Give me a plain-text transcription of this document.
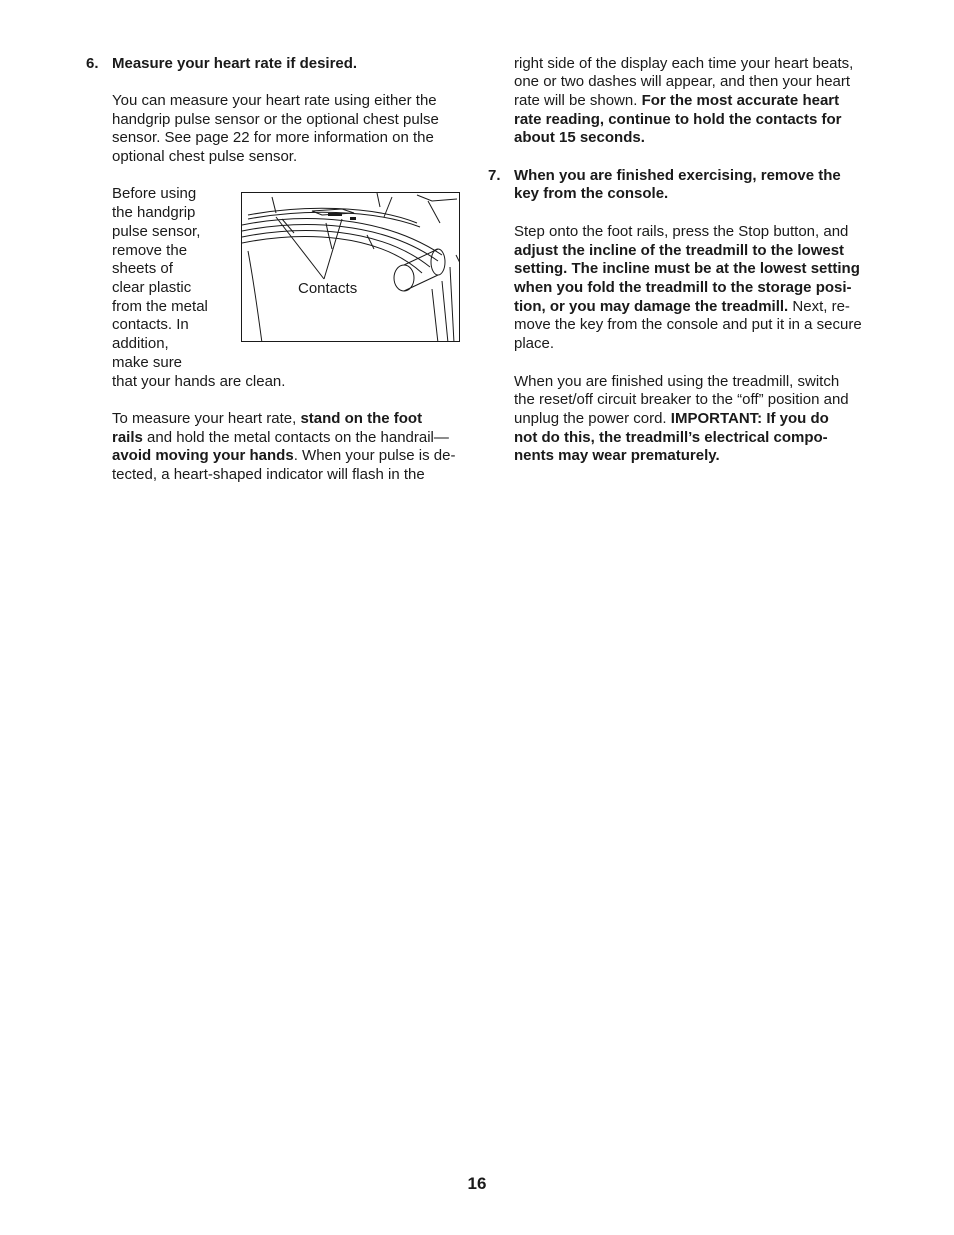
6. Measure your heart rate if desired.
You can measure your heart rate using either the
handgrip pulse sensor or the optional chest pulse
sensor. See page 22 for more information on the
optional chest pulse sensor.
Before using
the handgrip
pulse sensor,
remove the
sheets of
clear plastic
from the metal
contacts. In
addition,
make sure
that your hands are clean.
Contacts
To measure your heart rate, stand on the foot
rails and hold the metal contacts on the handrail—
avoid moving your hands. When your pulse is de-
tected, a heart-shaped indicator will flash in the
right side of the display each time your heart beats,
one or two dashes will appear, and then your heart
rate will be shown. For the most accurate heart
rate reading, continue to hold the contacts for
about 15 seconds.
7. When you are finished exercising, remove the
key from the console.
Step onto the foot rails, press the Stop button, and
adjust the incline of the treadmill to the lowest
setting. The incline must be at the lowest setting
when you fold the treadmill to the storage posi-
tion, or you may damage the treadmill. Next, re-
move the key from the console and put it in a secure
place.
When you are finished using the treadmill, switch
the reset/off circuit breaker to the “off” position and
unplug the power cord. IMPORTANT: If you do
not do this, the treadmill’s electrical compo-
nents may wear prematurely.
16
